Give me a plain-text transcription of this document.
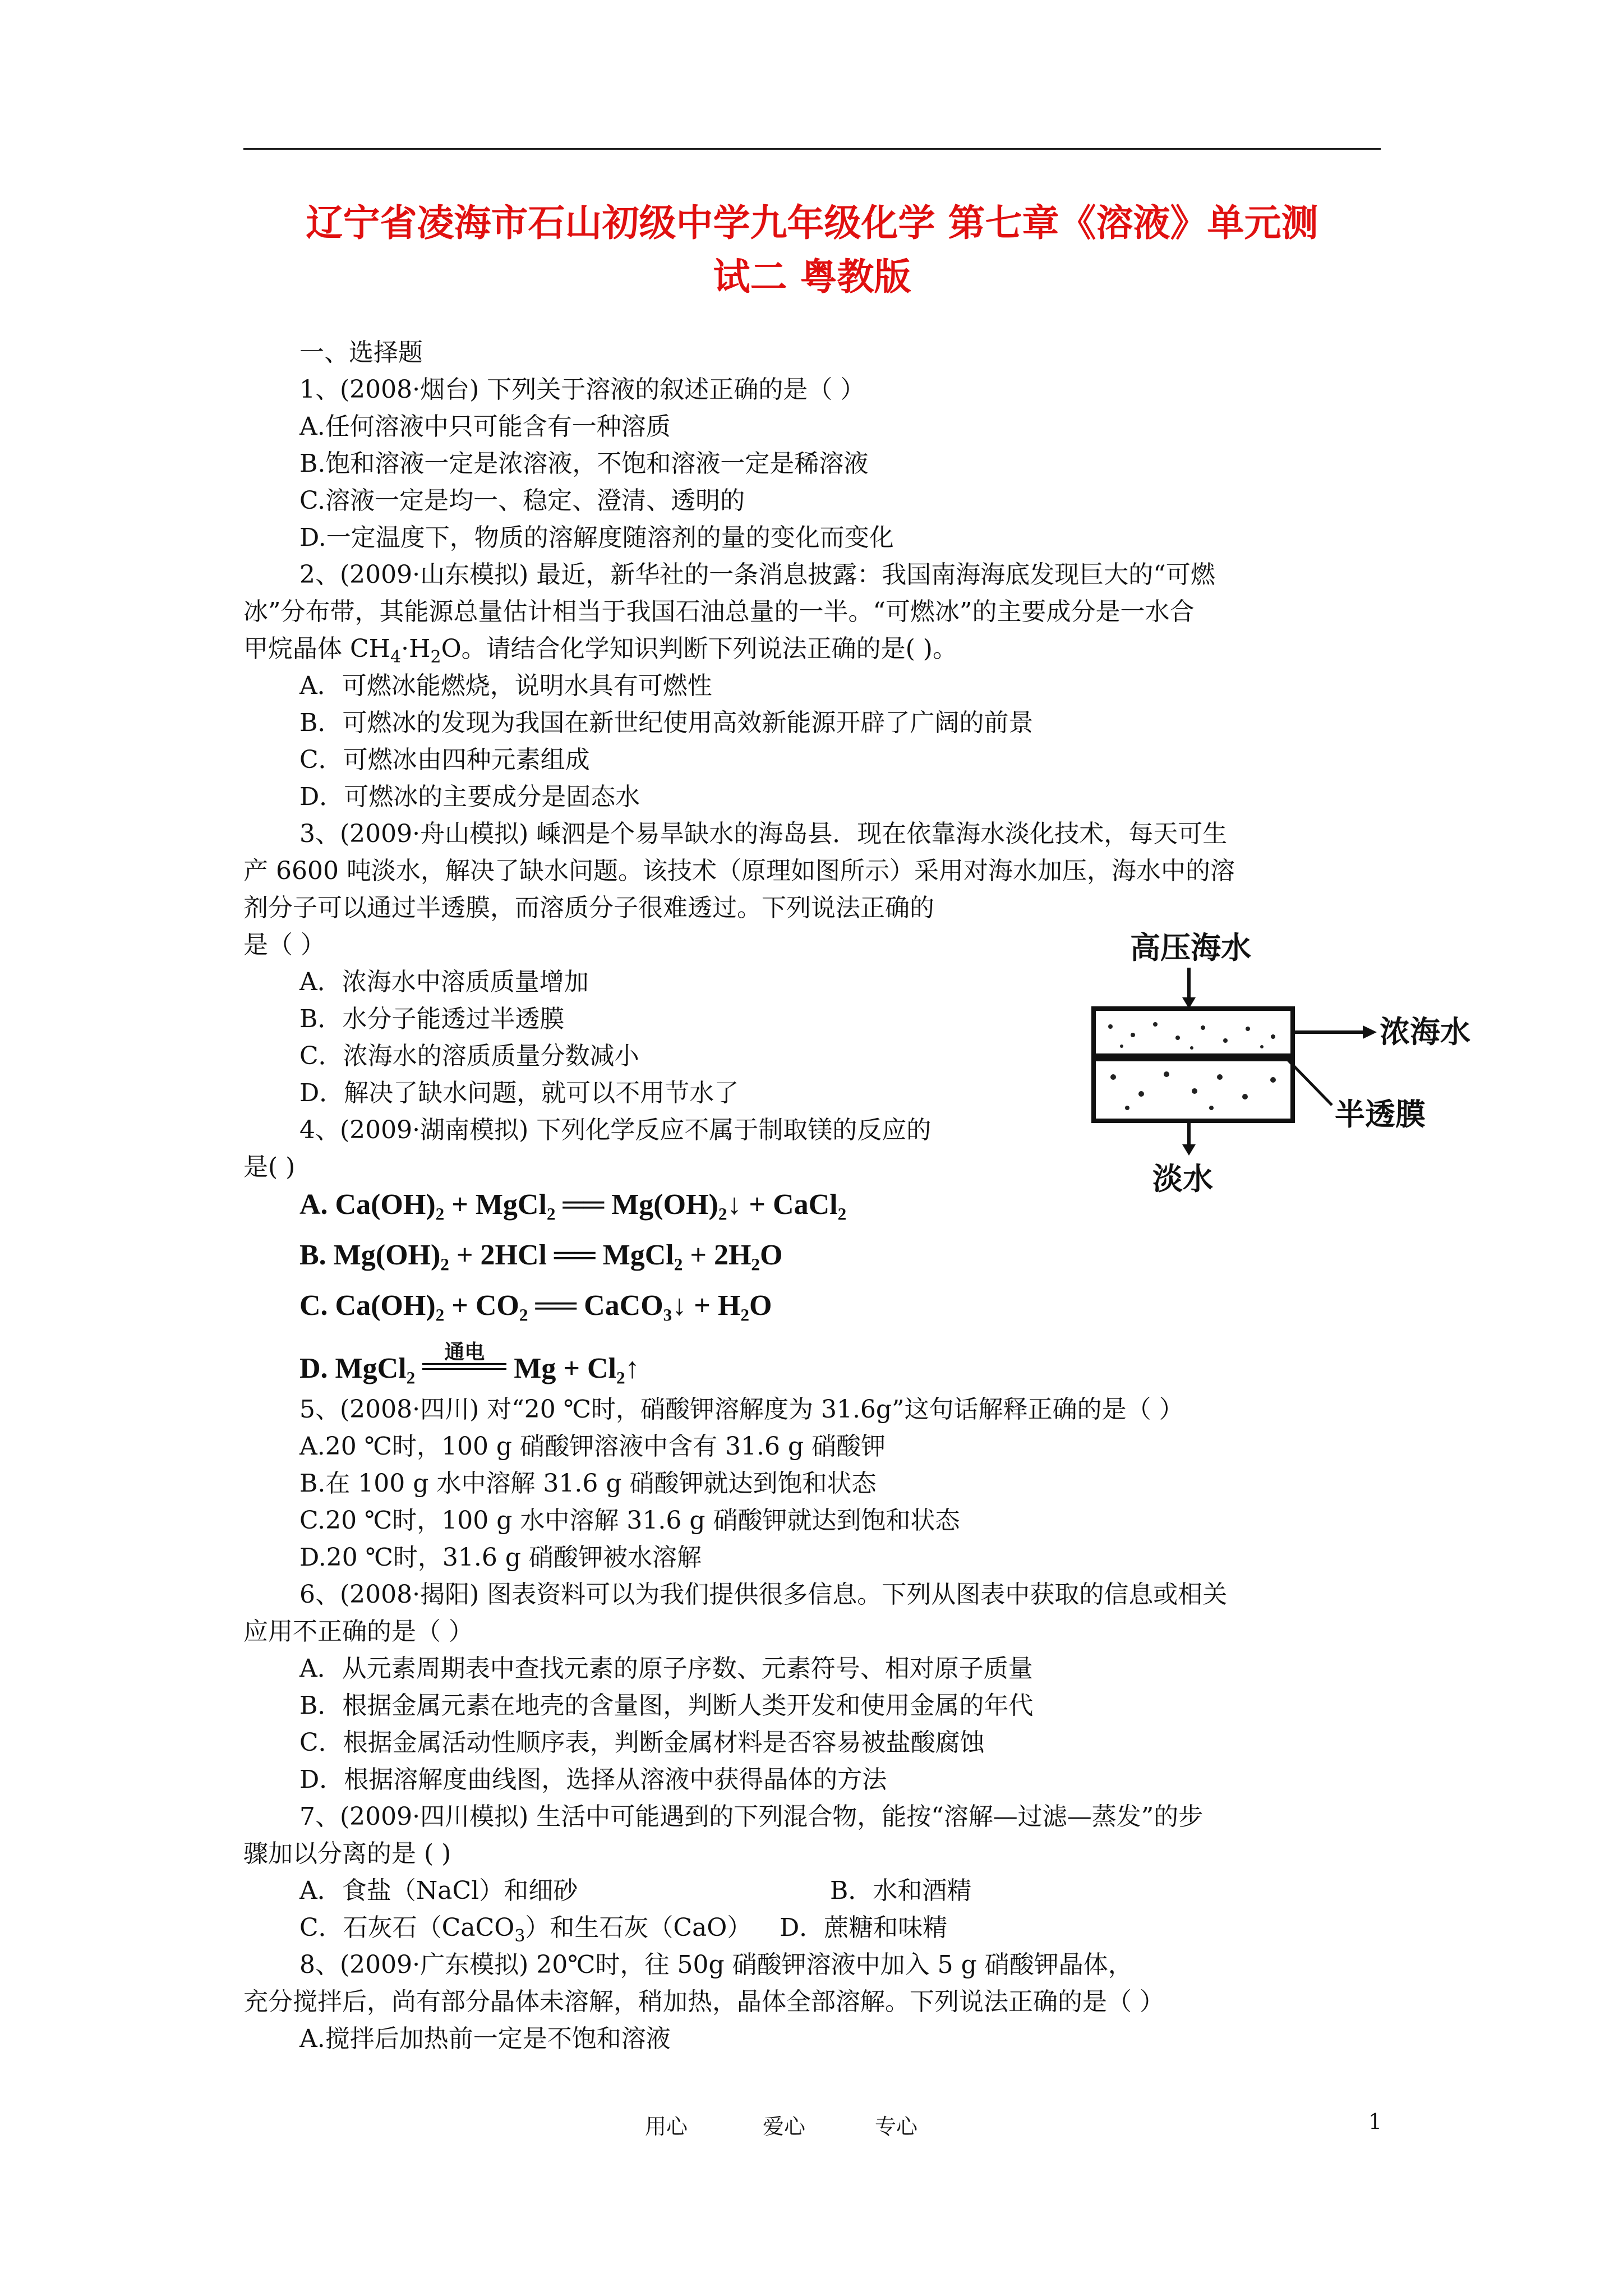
辽宁省凌海市石山初级中学九年级化学 第七章《溶液》单元测
试二 粤教版
一、选择题
1、(2008·烟台) 下列关于溶液的叙述正确的是（ ）
A.任何溶液中只可能含有一种溶质
B.饱和溶液一定是浓溶液，不饱和溶液一定是稀溶液
C.溶液一定是均一、稳定、澄清、透明的
D.一定温度下，物质的溶解度随溶剂的量的变化而变化
2、(2009·山东模拟) 最近，新华社的一条消息披露：我国南海海底发现巨大的“可燃
冰”分布带，其能源总量估计相当于我国石油总量的一半。“可燃冰”的主要成分是一水合
甲烷晶体 $CH_4\cdot H_2O$。请结合化学知识判断下列说法正确的是( )。
A．可燃冰能燃烧，说明水具有可燃性
B．可燃冰的发现为我国在新世纪使用高效新能源开辟了广阔的前景
C．可燃冰由四种元素组成
D．可燃冰的主要成分是固态水
3、(2009·舟山模拟) 嵊泗是个易旱缺水的海岛县．现在依靠海水淡化技术，每天可生
产 6600 吨淡水，解决了缺水问题。该技术（原理如图所示）采用对海水加压，海水中的溶
剂分子可以通过半透膜，而溶质分子很难透过。下列说法正确的
是（ ）
A．浓海水中溶质质量增加
B．水分子能透过半透膜
C．浓海水的溶质质量分数减小
D．解决了缺水问题，就可以不用节水了
高压海水
浓海水
半透膜
淡水
4、(2009·湖南模拟) 下列化学反应不属于制取镁的反应的
是( )
A. Ca(OH)₂ + MgCl₂ ══ Mg(OH)₂↓ + CaCl₂
B. Mg(OH)₂ + 2HCl ══ MgCl₂ + 2H₂O
C. Ca(OH)₂ + CO₂ ══ CaCO₃↓ + H₂O
D. MgCl₂
通电
Mg + Cl₂↑
5、(2008·四川) 对“20 ℃时，硝酸钾溶解度为 31.6g”这句话解释正确的是（ ）
A.20 ℃时，100 g 硝酸钾溶液中含有 31.6 g 硝酸钾
B.在 100 g 水中溶解 31.6 g 硝酸钾就达到饱和状态
C.20 ℃时，100 g 水中溶解 31.6 g 硝酸钾就达到饱和状态
D.20 ℃时，31.6 g 硝酸钾被水溶解
6、(2008·揭阳) 图表资料可以为我们提供很多信息。下列从图表中获取的信息或相关
应用不正确的是（ ）
A．从元素周期表中查找元素的原子序数、元素符号、相对原子质量
B．根据金属元素在地壳的含量图，判断人类开发和使用金属的年代
C．根据金属活动性顺序表，判断金属材料是否容易被盐酸腐蚀
D．根据溶解度曲线图，选择从溶液中获得晶体的方法
7、(2009·四川模拟) 生活中可能遇到的下列混合物，能按“溶解—过滤—蒸发”的步
骤加以分离的是 ( )
A．食盐（NaCl）和细砂	B．水和酒精
C．石灰石（CaCO$_3$）和生石灰（CaO） D．蔗糖和味精
8、(2009·广东模拟) 20℃时，往 50g 硝酸钾溶液中加入 5 g 硝酸钾晶体，
充分搅拌后，尚有部分晶体未溶解，稍加热，晶体全部溶解。下列说法正确的是（ ）
A.搅拌后加热前一定是不饱和溶液
用心	爱心	专心	1
